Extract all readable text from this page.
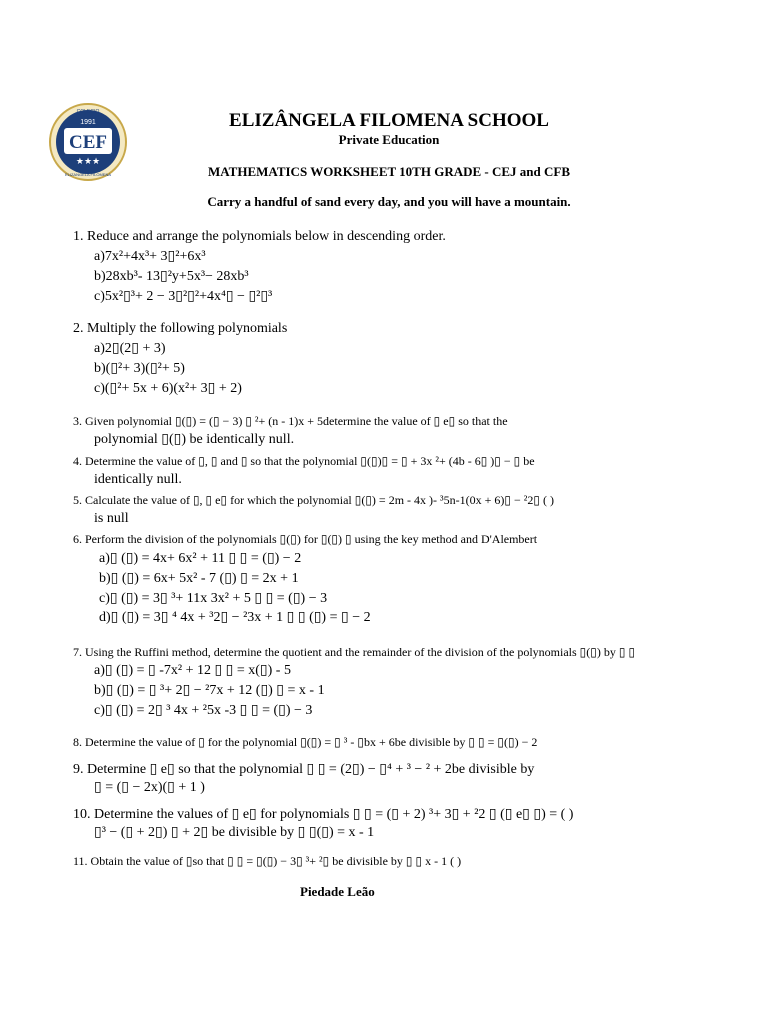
CEF
1991
COLEGIO
ELIZANGELA FILOMENA
★★★
ELIZÂNGELA FILOMENA SCHOOL
Private Education
MATHEMATICS WORKSHEET 10TH GRADE - CEJ and CFB
Carry a handful of sand every day, and you will have a mountain.
1. Reduce and arrange the polynomials below in descending order.
a)7x²+4x³+ 3▯²+6x³
b)28xb³- 13▯²y+5x³− 28xb³
c)5x²▯³+ 2 − 3▯²▯²+4x⁴▯ − ▯²▯³
2. Multiply the following polynomials
a)2▯(2▯ + 3)
b)(▯²+ 3)(▯²+ 5)
c)(▯²+ 5x + 6)(x²+ 3▯ + 2)
3. Given polynomial ▯(▯) = (▯ − 3) ▯ ²+ (n - 1)x + 5determine the value of ▯ e▯ so that the
polynomial ▯(▯) be identically null.
4. Determine the value of ▯, ▯ and ▯ so that the polynomial ▯(▯)▯ = ▯ + 3x ²+ (4b - 6▯ )▯ − ▯ be
identically null.
5. Calculate the value of ▯, ▯ e▯ for which the polynomial ▯(▯) = 2m - 4x )- ³5n-1(0x + 6)▯ − ²2▯ ( )
is null
6. Perform the division of the polynomials ▯(▯) for ▯(▯) ▯ using the key method and D'Alembert
a)▯ (▯) = 4x+ 6x² + 11 ▯ ▯ = (▯) − 2
b)▯ (▯) = 6x+ 5x² - 7 (▯) ▯ = 2x + 1
c)▯ (▯) = 3▯ ³+ 11x 3x² + 5 ▯ ▯ = (▯) − 3
d)▯ (▯) = 3▯ ⁴ 4x + ³2▯ − ²3x + 1 ▯ ▯ (▯) = ▯ − 2
7. Using the Ruffini method, determine the quotient and the remainder of the division of the polynomials ▯(▯) by ▯ ▯
a)▯ (▯) = ▯ -7x² + 12 ▯ ▯ = x(▯) - 5
b)▯ (▯) = ▯ ³+ 2▯ − ²7x + 12 (▯) ▯ = x - 1
c)▯ (▯) = 2▯ ³ 4x + ²5x -3 ▯ ▯ = (▯) − 3
8. Determine the value of ▯ for the polynomial ▯(▯) = ▯ ³ - ▯bx + 6be divisible by ▯ ▯ = ▯(▯) − 2
9. Determine ▯ e▯ so that the polynomial ▯ ▯ = (2▯) − ▯⁴ + ³ − ² + 2be divisible by
▯ = (▯ − 2x)(▯ + 1 )
10. Determine the values of ▯ e▯ for polynomials ▯ ▯ = (▯ + 2) ³+ 3▯ + ²2 ▯ (▯ e▯ ▯) = ( )
▯³ − (▯ + 2▯) ▯ + 2▯ be divisible by ▯ ▯(▯) = x - 1
11. Obtain the value of ▯so that ▯ ▯ = ▯(▯) − 3▯ ³+ ²▯ be divisible by ▯ ▯ x - 1 ( )
Piedade Leão
